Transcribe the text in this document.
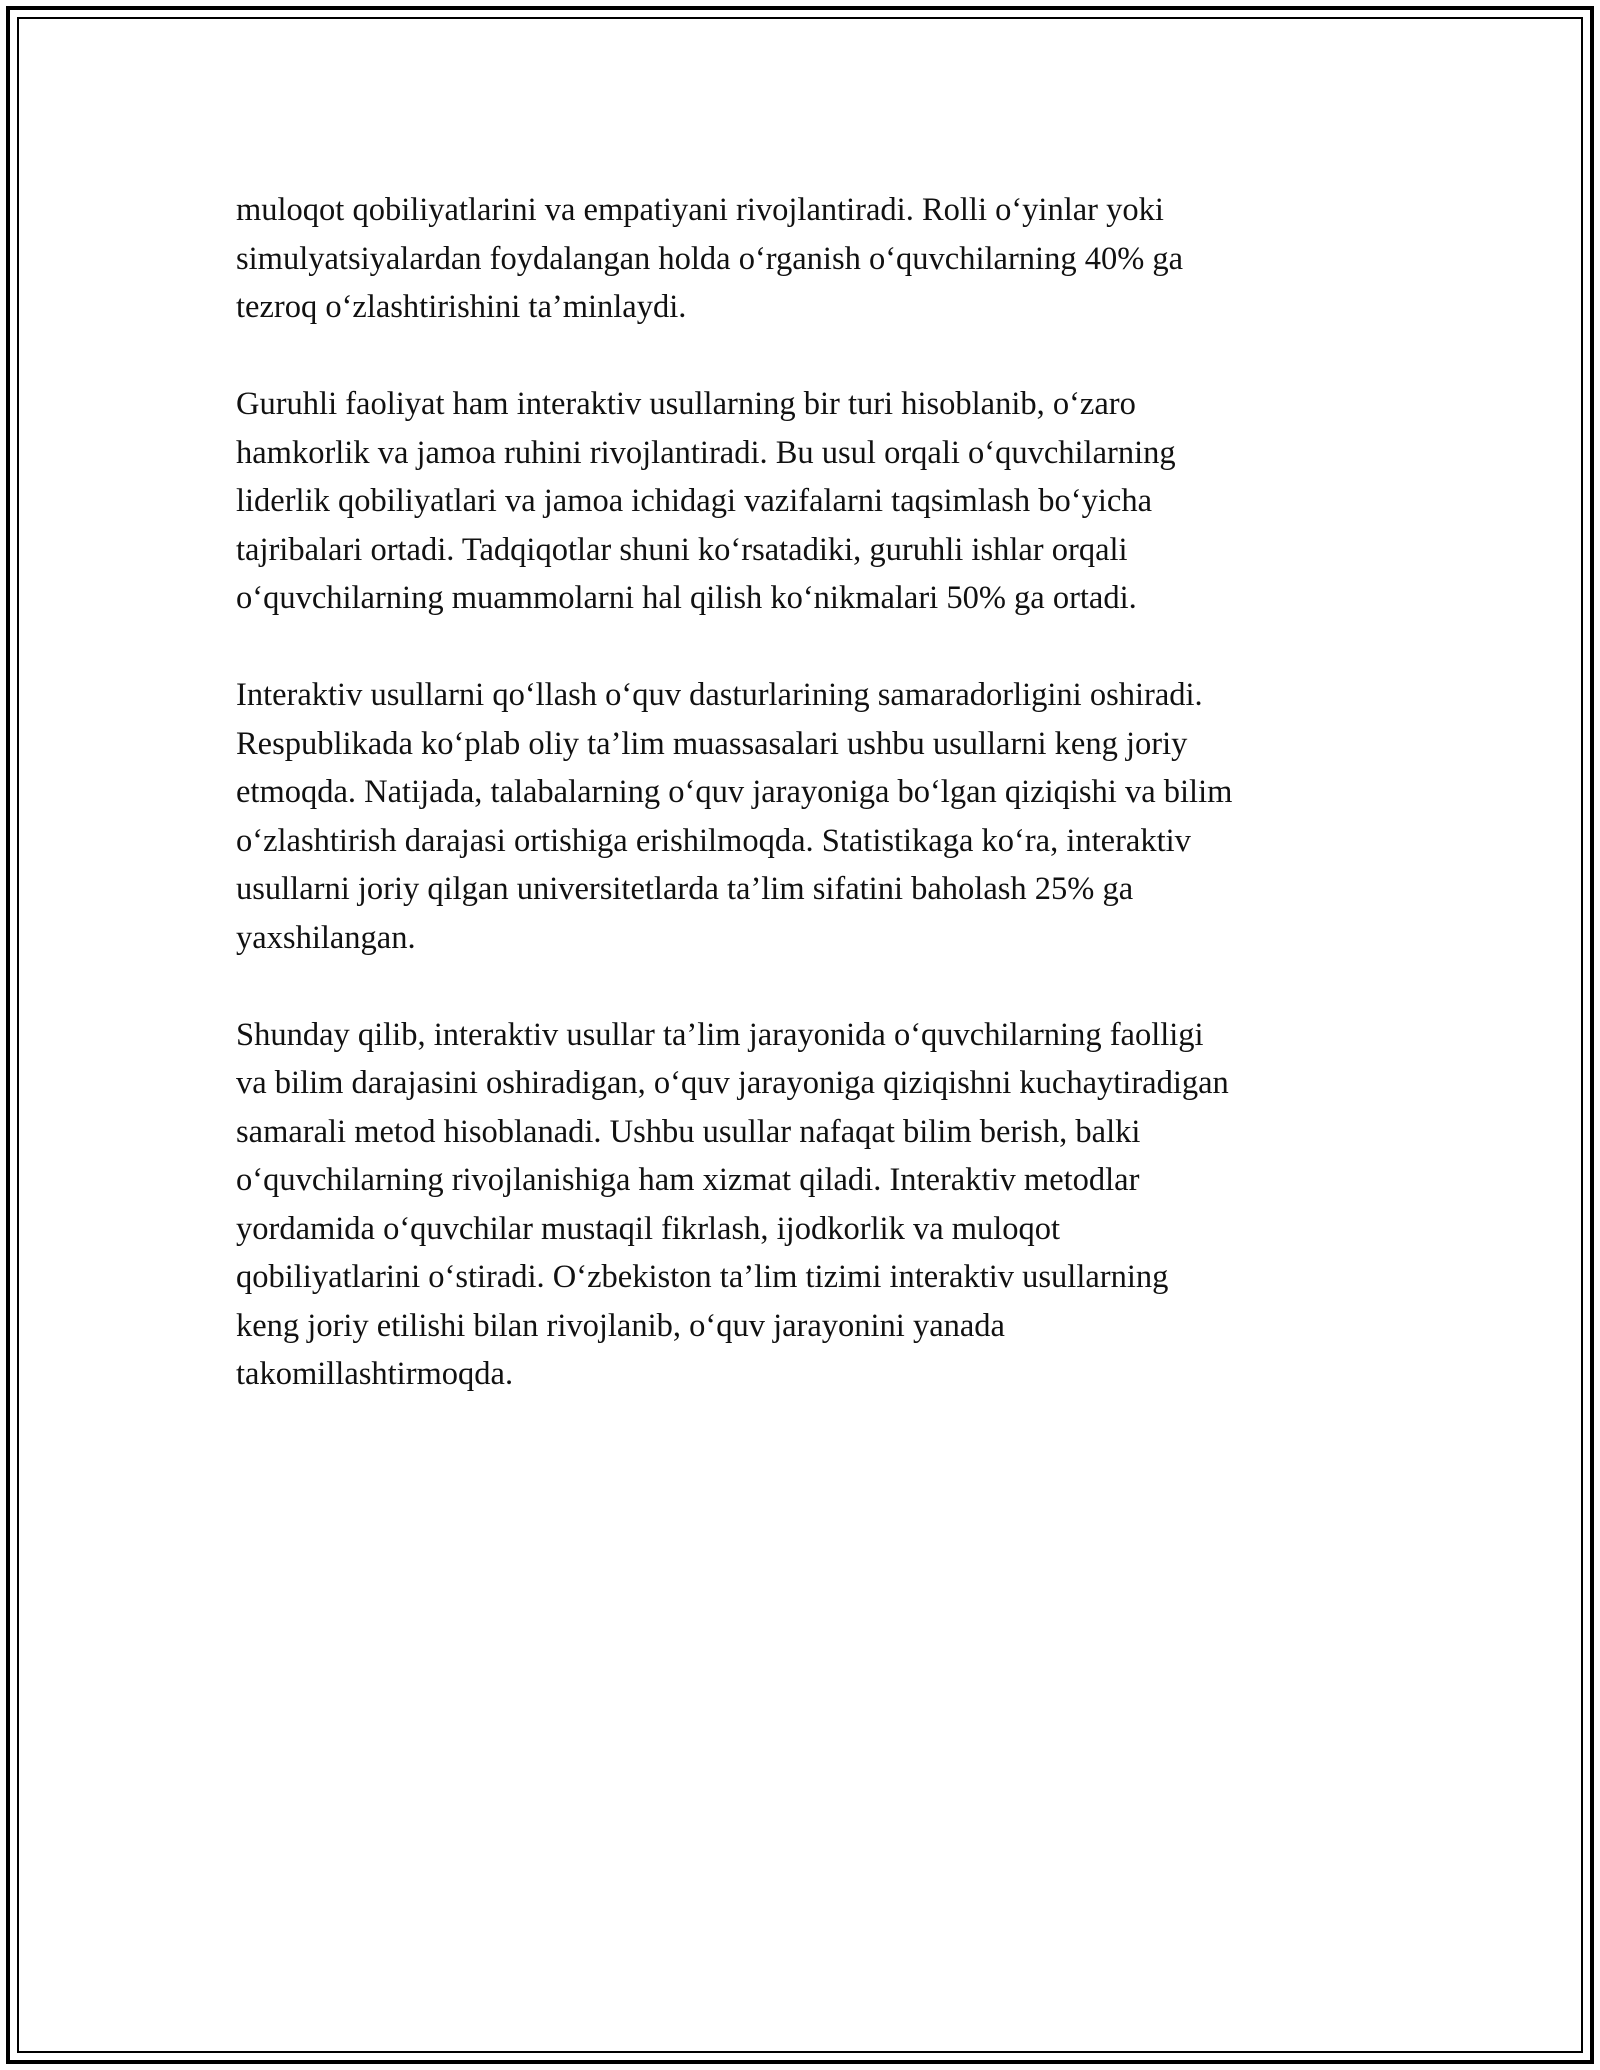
muloqot qobiliyatlarini va empatiyani rivojlantiradi. Rolli o‘yinlar yoki
simulyatsiyalardan foydalangan holda o‘rganish o‘quvchilarning 40% ga
tezroq o‘zlashtirishini ta’minlaydi.

Guruhli faoliyat ham interaktiv usullarning bir turi hisoblanib, o‘zaro
hamkorlik va jamoa ruhini rivojlantiradi. Bu usul orqali o‘quvchilarning
liderlik qobiliyatlari va jamoa ichidagi vazifalarni taqsimlash bo‘yicha
tajribalari ortadi. Tadqiqotlar shuni ko‘rsatadiki, guruhli ishlar orqali
o‘quvchilarning muammolarni hal qilish ko‘nikmalari 50% ga ortadi.

Interaktiv usullarni qo‘llash o‘quv dasturlarining samaradorligini oshiradi.
Respublikada ko‘plab oliy ta’lim muassasalari ushbu usullarni keng joriy
etmoqda. Natijada, talabalarning o‘quv jarayoniga bo‘lgan qiziqishi va bilim
o‘zlashtirish darajasi ortishiga erishilmoqda. Statistikaga ko‘ra, interaktiv
usullarni joriy qilgan universitetlarda ta’lim sifatini baholash 25% ga
yaxshilangan.

Shunday qilib, interaktiv usullar ta’lim jarayonida o‘quvchilarning faolligi
va bilim darajasini oshiradigan, o‘quv jarayoniga qiziqishni kuchaytiradigan
samarali metod hisoblanadi. Ushbu usullar nafaqat bilim berish, balki
o‘quvchilarning rivojlanishiga ham xizmat qiladi. Interaktiv metodlar
yordamida o‘quvchilar mustaqil fikrlash, ijodkorlik va muloqot
qobiliyatlarini o‘stiradi. O‘zbekiston ta’lim tizimi interaktiv usullarning
keng joriy etilishi bilan rivojlanib, o‘quv jarayonini yanada
takomillashtirmoqda.
